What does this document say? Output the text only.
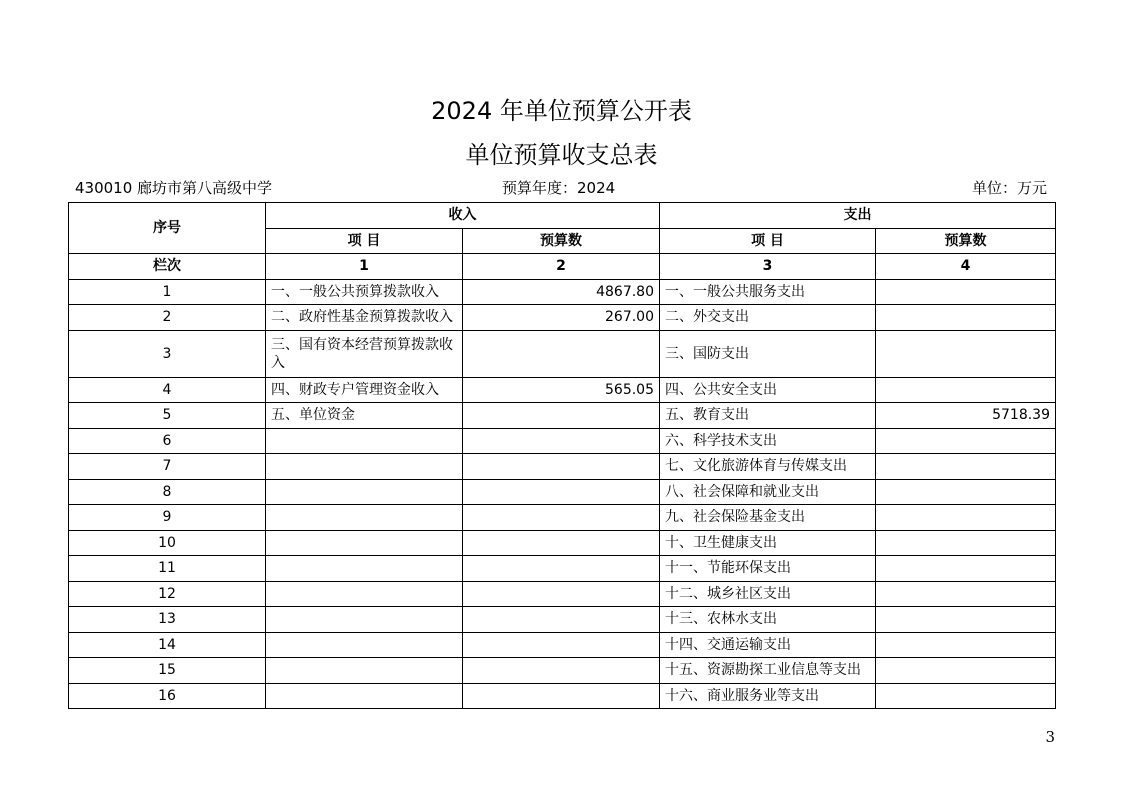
2024 年单位预算公开表
单位预算收支总表
430010 廊坊市第八高级中学	预算年度：2024	单位：万元
序号	收入		支出	
	项 目	预算数	项 目	预算数
栏次	1	2	3	4
1	一、一般公共预算拨款收入	4867.80	一、一般公共服务支出	
2	二、政府性基金预算拨款收入	267.00	二、外交支出	
3	三、国有资本经营预算拨款收入		三、国防支出	
4	四、财政专户管理资金收入	565.05	四、公共安全支出	
5	五、单位资金		五、教育支出	5718.39
6			六、科学技术支出	
7			七、文化旅游体育与传媒支出	
8			八、社会保障和就业支出	
9			九、社会保险基金支出	
10			十、卫生健康支出	
11			十一、节能环保支出	
12			十二、城乡社区支出	
13			十三、农林水支出	
14			十四、交通运输支出	
15			十五、资源勘探工业信息等支出	
16			十六、商业服务业等支出	
3
